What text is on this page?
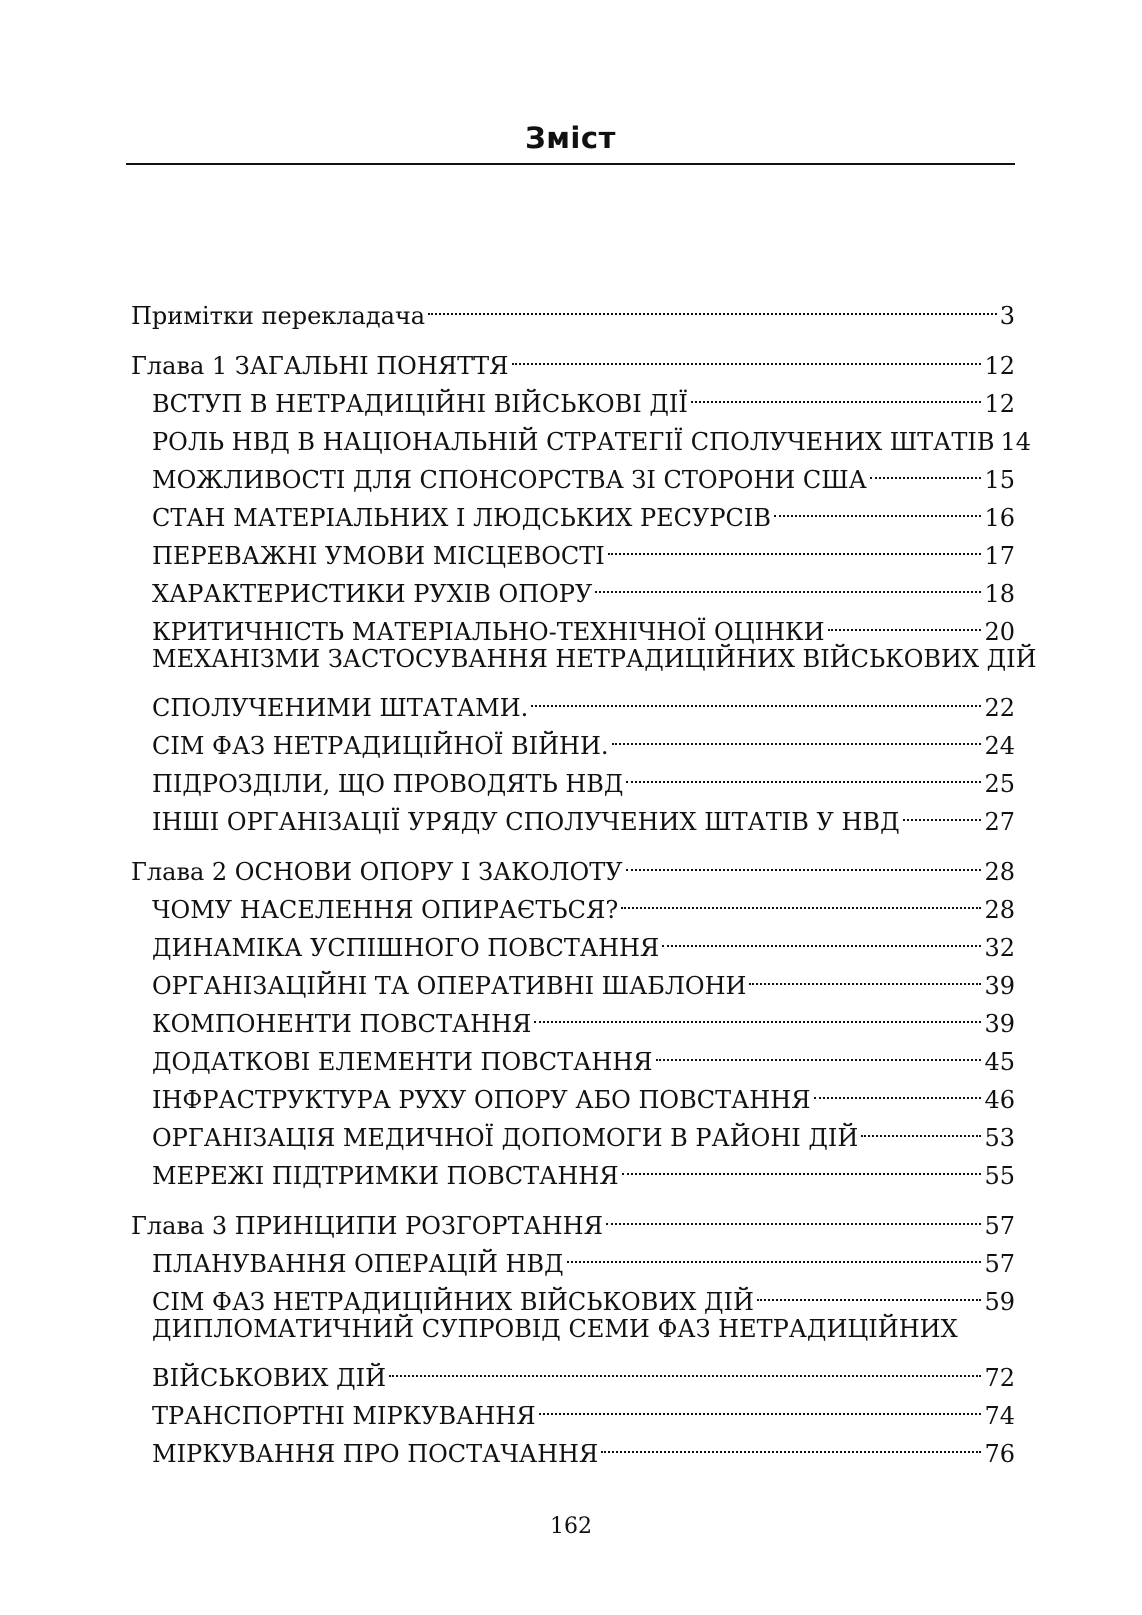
Зміст
Примітки перекладача	3
Глава 1 ЗАГАЛЬНІ ПОНЯТТЯ	12
ВСТУП В НЕТРАДИЦІЙНІ ВІЙСЬКОВІ ДІЇ	12
РОЛЬ НВД В НАЦІОНАЛЬНІЙ СТРАТЕГІЇ СПОЛУЧЕНИХ ШТАТІВ 14
МОЖЛИВОСТІ ДЛЯ СПОНСОРСТВА ЗІ СТОРОНИ США	15
СТАН МАТЕРІАЛЬНИХ І ЛЮДСЬКИХ РЕСУРСІВ	16
ПЕРЕВАЖНІ УМОВИ МІСЦЕВОСТІ	17
ХАРАКТЕРИСТИКИ РУХІВ ОПОРУ	18
КРИТИЧНІСТЬ МАТЕРІАЛЬНО-ТЕХНІЧНОЇ ОЦІНКИ	20
МЕХАНІЗМИ ЗАСТОСУВАННЯ НЕТРАДИЦІЙНИХ ВІЙСЬКОВИХ ДІЙ
СПОЛУЧЕНИМИ ШТАТАМИ.	22
СІМ ФАЗ НЕТРАДИЦІЙНОЇ ВІЙНИ.	24
ПІДРОЗДІЛИ, ЩО ПРОВОДЯТЬ НВД	25
ІНШІ ОРГАНІЗАЦІЇ УРЯДУ СПОЛУЧЕНИХ ШТАТІВ У НВД	27
Глава 2 ОСНОВИ ОПОРУ І ЗАКОЛОТУ	28
ЧОМУ НАСЕЛЕННЯ ОПИРАЄТЬСЯ?	28
ДИНАМІКА УСПІШНОГО ПОВСТАННЯ	32
ОРГАНІЗАЦІЙНІ ТА ОПЕРАТИВНІ ШАБЛОНИ	39
КОМПОНЕНТИ ПОВСТАННЯ	39
ДОДАТКОВІ ЕЛЕМЕНТИ ПОВСТАННЯ	45
ІНФРАСТРУКТУРА РУХУ ОПОРУ АБО ПОВСТАННЯ	46
ОРГАНІЗАЦІЯ МЕДИЧНОЇ ДОПОМОГИ В РАЙОНІ ДІЙ	53
МЕРЕЖІ ПІДТРИМКИ ПОВСТАННЯ	55
Глава 3 ПРИНЦИПИ РОЗГОРТАННЯ	57
ПЛАНУВАННЯ ОПЕРАЦІЙ НВД	57
СІМ ФАЗ НЕТРАДИЦІЙНИХ ВІЙСЬКОВИХ ДІЙ	59
ДИПЛОМАТИЧНИЙ СУПРОВІД СЕМИ ФАЗ НЕТРАДИЦІЙНИХ
ВІЙСЬКОВИХ ДІЙ	72
ТРАНСПОРТНІ МІРКУВАННЯ	74
МІРКУВАННЯ ПРО ПОСТАЧАННЯ	76
162
